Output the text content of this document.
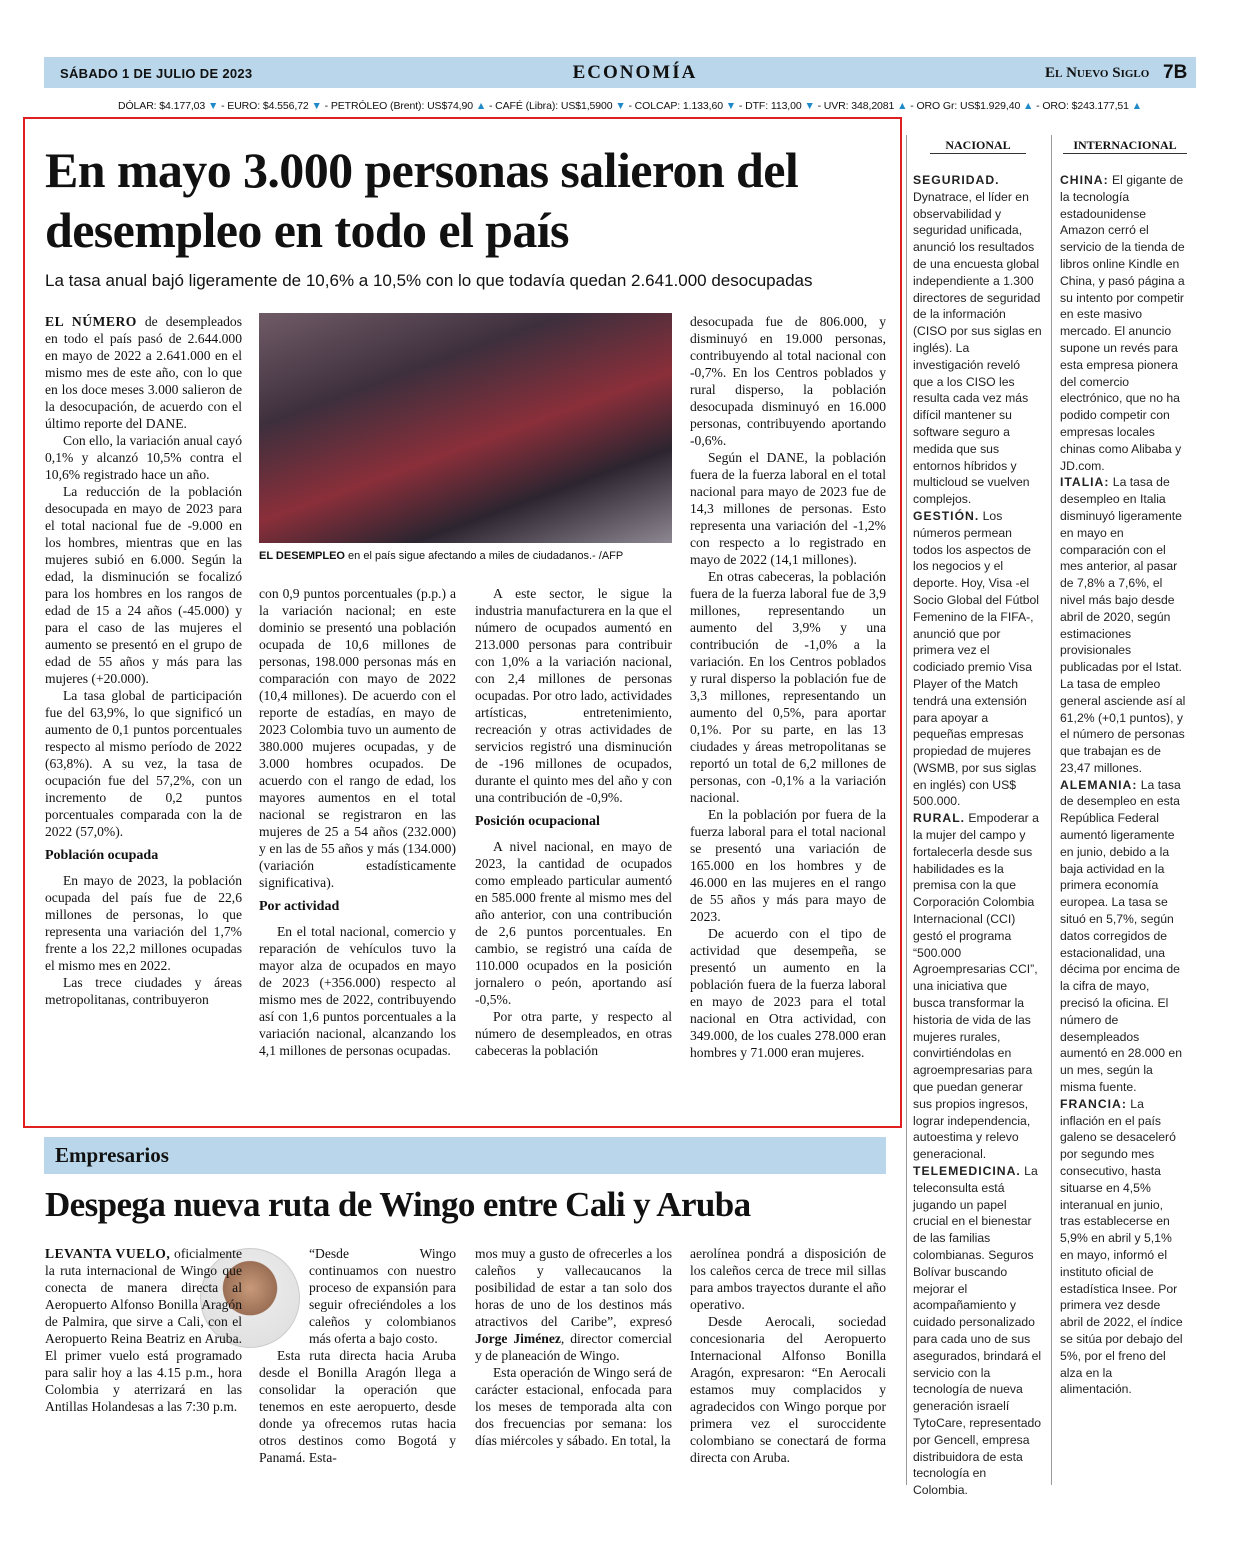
SÁBADO 1 DE JULIO DE 2023	ECONOMÍA	El Nuevo Siglo 7B
DÓLAR: $4.177,03 ▼ - EURO: $4.556,72 ▼ - PETRÓLEO (Brent): US$74,90 ▲ - CAFÉ (Libra): US$1,5900 ▼ - COLCAP: 1.133,60 ▼ - DTF: 113,00 ▼ - UVR: 348,2081 ▲ - ORO Gr: US$1.929,40 ▲ - ORO: $243.177,51 ▲
En mayo 3.000 personas salieron del desempleo en todo el país
La tasa anual bajó ligeramente de 10,6% a 10,5% con lo que todavía quedan 2.641.000 desocupadas
EL DESEMPLEO en el país sigue afectando a miles de ciudadanos.- /AFP

EL NÚMERO de desempleados en todo el país pasó de 2.644.000 en mayo de 2022 a 2.641.000 en el mismo mes de este año, con lo que en los doce meses 3.000 salieron de la desocupación, de acuerdo con el último reporte del DANE.

Con ello, la variación anual cayó 0,1% y alcanzó 10,5% contra el 10,6% registrado hace un año.

La reducción de la población desocupada en mayo de 2023 para el total nacional fue de -9.000 en los hombres, mientras que en las mujeres subió en 6.000. Según la edad, la disminución se focalizó para los hombres en los rangos de edad de 15 a 24 años (-45.000) y para el caso de las mujeres el aumento se presentó en el grupo de edad de 55 años y más para las mujeres (+20.000).

La tasa global de participación fue del 63,9%, lo que significó un aumento de 0,1 puntos porcentuales respecto al mismo período de 2022 (63,8%). A su vez, la tasa de ocupación fue del 57,2%, con un incremento de 0,2 puntos porcentuales comparada con la de 2022 (57,0%).

Población ocupada

En mayo de 2023, la población ocupada del país fue de 22,6 millones de personas, lo que representa una variación del 1,7% frente a los 22,2 millones ocupadas el mismo mes en 2022.

Las trece ciudades y áreas metropolitanas, contribuyeron

con 0,9 puntos porcentuales (p.p.) a la variación nacional; en este dominio se presentó una población ocupada de 10,6 millones de personas, 198.000 personas más en comparación con mayo de 2022 (10,4 millones). De acuerdo con el reporte de estadías, en mayo de 2023 Colombia tuvo un aumento de 380.000 mujeres ocupadas, y de 3.000 hombres ocupados. De acuerdo con el rango de edad, los mayores aumentos en el total nacional se registraron en las mujeres de 25 a 54 años (232.000) y en las de 55 años y más (134.000) (variación estadísticamente significativa).

Por actividad

En el total nacional, comercio y reparación de vehículos tuvo la mayor alza de ocupados en mayo de 2023 (+356.000) respecto al mismo mes de 2022, contribuyendo así con 1,6 puntos porcentuales a la variación nacional, alcanzando los 4,1 millones de personas ocupadas.

A este sector, le sigue la industria manufacturera en la que el número de ocupados aumentó en 213.000 personas para contribuir con 1,0% a la variación nacional, con 2,4 millones de personas ocupadas. Por otro lado, actividades artísticas, entretenimiento, recreación y otras actividades de servicios registró una disminución de -196 millones de ocupados, durante el quinto mes del año y con una contribución de -0,9%.

Posición ocupacional

A nivel nacional, en mayo de 2023, la cantidad de ocupados como empleado particular aumentó en 585.000 frente al mismo mes del año anterior, con una contribución de 2,6 puntos porcentuales. En cambio, se registró una caída de 110.000 ocupados en la posición jornalero o peón, aportando así -0,5%.

Por otra parte, y respecto al número de desempleados, en otras cabeceras la población

desocupada fue de 806.000, y disminuyó en 19.000 personas, contribuyendo al total nacional con -0,7%. En los Centros poblados y rural disperso, la población desocupada disminuyó en 16.000 personas, contribuyendo aportando -0,6%.

Según el DANE, la población fuera de la fuerza laboral en el total nacional para mayo de 2023 fue de 14,3 millones de personas. Esto representa una variación del -1,2% con respecto a lo registrado en mayo de 2022 (14,1 millones).

En otras cabeceras, la población fuera de la fuerza laboral fue de 3,9 millones, representando un aumento del 3,9% y una contribución de -1,0% a la variación. En los Centros poblados y rural disperso la población fue de 3,3 millones, representando un aumento del 0,5%, para aportar 0,1%. Por su parte, en las 13 ciudades y áreas metropolitanas se reportó un total de 6,2 millones de personas, con -0,1% a la variación nacional.

En la población por fuera de la fuerza laboral para el total nacional se presentó una variación de 165.000 en los hombres y de 46.000 en las mujeres en el rango de 55 años y más para mayo de 2023.

De acuerdo con el tipo de actividad que desempeña, se presentó un aumento en la población fuera de la fuerza laboral en mayo de 2023 para el total nacional en Otra actividad, con 349.000, de los cuales 278.000 eran hombres y 71.000 eran mujeres.

NACIONAL

SEGURIDAD. Dynatrace, el líder en observabilidad y seguridad unificada, anunció los resultados de una encuesta global independiente a 1.300 directores de seguridad de la información (CISO por sus siglas en inglés). La investigación reveló que a los CISO les resulta cada vez más difícil mantener su software seguro a medida que sus entornos híbridos y multicloud se vuelven complejos.

GESTIÓN. Los números permean todos los aspectos de los negocios y el deporte. Hoy, Visa -el Socio Global del Fútbol Femenino de la FIFA-, anunció que por primera vez el codiciado premio Visa Player of the Match tendrá una extensión para apoyar a pequeñas empresas propiedad de mujeres (WSMB, por sus siglas en inglés) con US$ 500.000.

RURAL. Empoderar a la mujer del campo y fortalecerla desde sus habilidades es la premisa con la que Corporación Colombia Internacional (CCI) gestó el programa “500.000 Agroempresarias CCI”, una iniciativa que busca transformar la historia de vida de las mujeres rurales, convirtiéndolas en agroempresarias para que puedan generar sus propios ingresos, lograr independencia, autoestima y relevo generacional.

TELEMEDICINA. La teleconsulta está jugando un papel crucial en el bienestar de las familias colombianas. Seguros Bolívar buscando mejorar el acompañamiento y cuidado personalizado para cada uno de sus asegurados, brindará el servicio con la tecnología de nueva generación israelí TytoCare, representado por Gencell, empresa distribuidora de esta tecnología en Colombia.

INTERNACIONAL

CHINA: El gigante de la tecnología estadounidense Amazon cerró el servicio de la tienda de libros online Kindle en China, y pasó página a su intento por competir en este masivo mercado. El anuncio supone un revés para esta empresa pionera del comercio electrónico, que no ha podido competir con empresas locales chinas como Alibaba y JD.com.

ITALIA: La tasa de desempleo en Italia disminuyó ligeramente en mayo en comparación con el mes anterior, al pasar de 7,8% a 7,6%, el nivel más bajo desde abril de 2020, según estimaciones provisionales publicadas por el Istat. La tasa de empleo general asciende así al 61,2% (+0,1 puntos), y el número de personas que trabajan es de 23,47 millones.

ALEMANIA: La tasa de desempleo en esta República Federal aumentó ligeramente en junio, debido a la baja actividad en la primera economía europea. La tasa se situó en 5,7%, según datos corregidos de estacionalidad, una décima por encima de la cifra de mayo, precisó la oficina. El número de desempleados aumentó en 28.000 en un mes, según la misma fuente.

FRANCIA: La inflación en el país galeno se desaceleró por segundo mes consecutivo, hasta situarse en 4,5% interanual en junio, tras establecerse en 5,9% en abril y 5,1% en mayo, informó el instituto oficial de estadística Insee. Por primera vez desde abril de 2022, el índice se sitúa por debajo del 5%, por el freno del alza en la alimentación.

Empresarios
Despega nueva ruta de Wingo entre Cali y Aruba

LEVANTA VUELO, oficialmente la ruta internacional de Wingo que conecta de manera directa al Aeropuerto Alfonso Bonilla Aragón de Palmira, que sirve a Cali, con el Aeropuerto Reina Beatriz en Aruba. El primer vuelo está programado para salir hoy a las 4.15 p.m., hora Colombia y aterrizará en las Antillas Holandesas a las 7:30 p.m.

“Desde Wingo continuamos con nuestro proceso de expansión para seguir ofreciéndoles a los caleños y colombianos más oferta a bajo costo.

Esta ruta directa hacia Aruba desde el Bonilla Aragón llega a consolidar la operación que tenemos en este aeropuerto, desde donde ya ofrecemos rutas hacia otros destinos como Bogotá y Panamá. Esta-

mos muy a gusto de ofrecerles a los caleños y vallecaucanos la posibilidad de estar a tan solo dos horas de uno de los destinos más atractivos del Caribe”, expresó Jorge Jiménez, director comercial y de planeación de Wingo.

Esta operación de Wingo será de carácter estacional, enfocada para los meses de temporada alta con dos frecuencias por semana: los días miércoles y sábado. En total, la

aerolínea pondrá a disposición de los caleños cerca de trece mil sillas para ambos trayectos durante el año operativo.

Desde Aerocali, sociedad concesionaria del Aeropuerto Internacional Alfonso Bonilla Aragón, expresaron: “En Aerocali estamos muy complacidos y agradecidos con Wingo porque por primera vez el suroccidente colombiano se conectará de forma directa con Aruba.
